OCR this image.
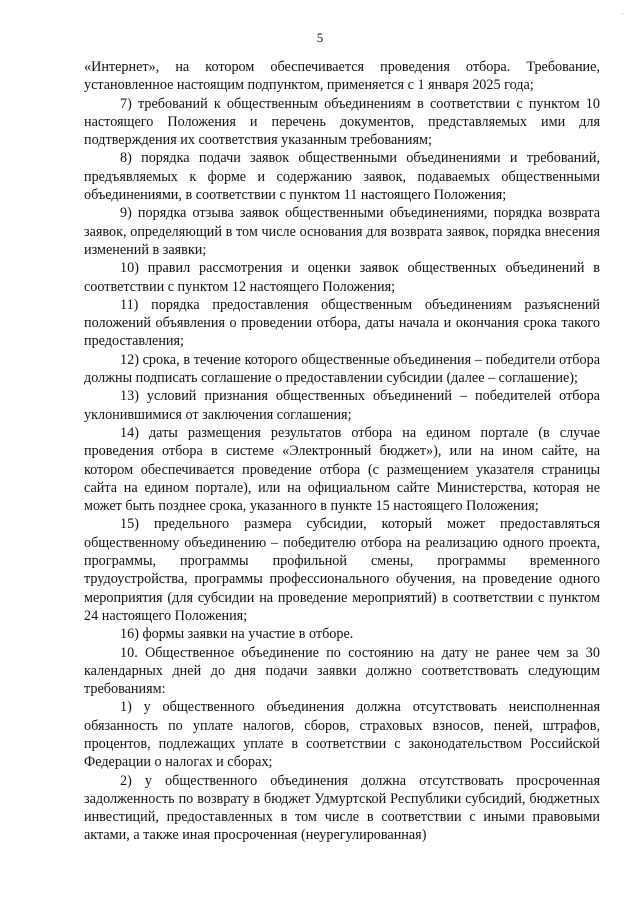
´
5

«Интернет», на котором обеспечивается проведения отбора. Требование, установленное настоящим подпунктом, применяется с 1 января 2025 года;

7) требований к общественным объединениям в соответствии с пунктом 10 настоящего Положения и перечень документов, представляемых ими для подтверждения их соответствия указанным требованиям;

8) порядка подачи заявок общественными объединениями и требований, предъявляемых к форме и содержанию заявок, подаваемых общественными объединениями, в соответствии с пунктом 11 настоящего Положения;

9) порядка отзыва заявок общественными объединениями, порядка возврата заявок, определяющий в том числе основания для возврата заявок, порядка внесения изменений в заявки;

10) правил рассмотрения и оценки заявок общественных объединений в соответствии с пунктом 12 настоящего Положения;

11) порядка предоставления общественным объединениям разъяснений положений объявления о проведении отбора, даты начала и окончания срока такого предоставления;

12) срока, в течение которого общественные объединения – победители отбора должны подписать соглашение о предоставлении субсидии (далее – соглашение);

13) условий признания общественных объединений – победителей отбора уклонившимися от заключения соглашения;

14) даты размещения результатов отбора на едином портале (в случае проведения отбора в системе «Электронный бюджет»), или на ином сайте, на котором обеспечивается проведение отбора (с размещением указателя страницы сайта на едином портале), или на официальном сайте Министерства, которая не может быть позднее срока, указанного в пункте 15 настоящего Положения;

15) предельного размера субсидии, который может предоставляться общественному объединению – победителю отбора на реализацию одного проекта, программы, программы профильной смены, программы временного трудоустройства, программы профессионального обучения, на проведение одного мероприятия (для субсидии на проведение мероприятий) в соответствии с пунктом 24 настоящего Положения;

16) формы заявки на участие в отборе.

10. Общественное объединение по состоянию на дату не ранее чем за 30 календарных дней до дня подачи заявки должно соответствовать следующим требованиям:

1) у общественного объединения должна отсутствовать неисполненная обязанность по уплате налогов, сборов, страховых взносов, пеней, штрафов, процентов, подлежащих уплате в соответствии с законодательством Российской Федерации о налогах и сборах;

2) у общественного объединения должна отсутствовать просроченная задолженность по возврату в бюджет Удмуртской Республики субсидий, бюджетных инвестиций, предоставленных в том числе в соответствии с иными правовыми актами, а также иная просроченная (неурегулированная)
